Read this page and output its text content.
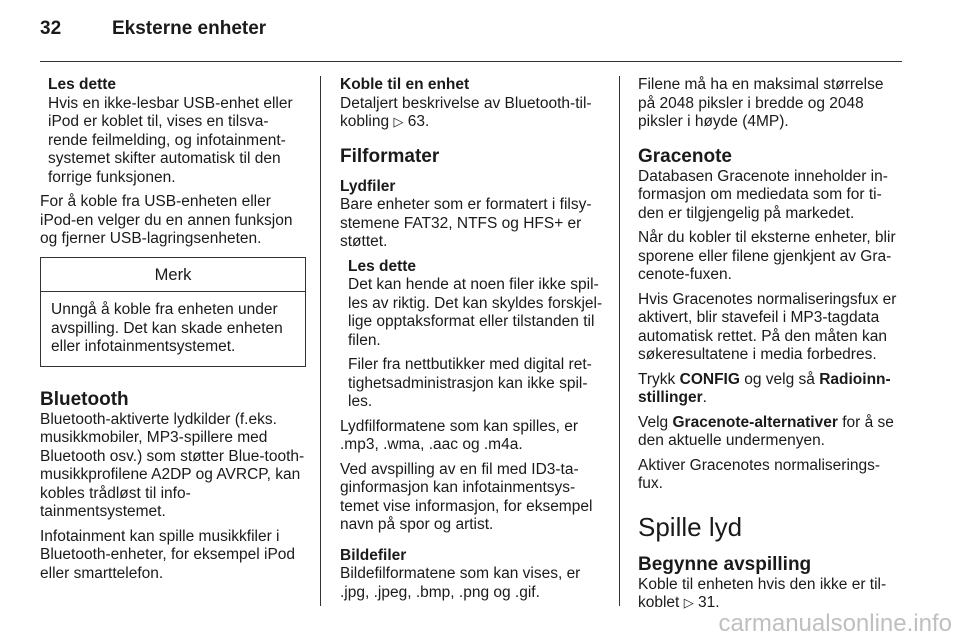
32	Eksterne enheter
Les dette

Hvis en ikke-lesbar USB-enhet eller iPod er koblet til, vises en tilsva-rende feilmelding, og infotainment-systemet skifter automatisk til den forrige funksjonen.

For å koble fra USB-enheten eller iPod-en velger du en annen funksjon og fjerner USB-lagringsenheten.

Merk
Unngå å koble fra enheten under avspilling. Det kan skade enheten eller infotainmentsystemet.
Bluetooth

Bluetooth-aktiverte lydkilder (f.eks. musikkmobiler, MP3-spillere med Bluetooth osv.) som støtter Blue-tooth-musikkprofilene A2DP og AVRCP, kan kobles trådløst til info-tainmentsystemet.

Infotainment kan spille musikkfiler i Bluetooth-enheter, for eksempel iPod eller smarttelefon.

Koble til en enhet

Detaljert beskrivelse av Bluetooth-til-kobling ▷ 63.

Filformater
Lydfiler

Bare enheter som er formatert i filsy-stemene FAT32, NTFS og HFS+ er støttet.

Les dette

Det kan hende at noen filer ikke spil-les av riktig. Det kan skyldes forskjel-lige opptaksformat eller tilstanden til filen.

Filer fra nettbutikker med digital ret-tighetsadministrasjon kan ikke spil-les.

Lydfilformatene som kan spilles, er .mp3, .wma, .aac og .m4a.

Ved avspilling av en fil med ID3-ta-ginformasjon kan infotainmentsys-temet vise informasjon, for eksempel navn på spor og artist.

Bildefiler

Bildefilformatene som kan vises, er .jpg, .jpeg, .bmp, .png og .gif.

Filene må ha en maksimal størrelse på 2048 piksler i bredde og 2048 piksler i høyde (4MP).

Gracenote

Databasen Gracenote inneholder in-formasjon om mediedata som for ti-den er tilgjengelig på markedet.

Når du kobler til eksterne enheter, blir sporene eller filene gjenkjent av Gra-cenote-fuxen.

Hvis Gracenotes normaliseringsfux er aktivert, blir stavefeil i MP3-tagdata automatisk rettet. På den måten kan søkeresultatene i media forbedres.

Trykk CONFIG og velg så Radioinn-stillinger.

Velg Gracenote-alternativer for å se den aktuelle undermenyen.

Aktiver Gracenotes normaliserings-fux.

Spille lyd
Begynne avspilling

Koble til enheten hvis den ikke er til-koblet ▷ 31.

carmanualsonline.info
